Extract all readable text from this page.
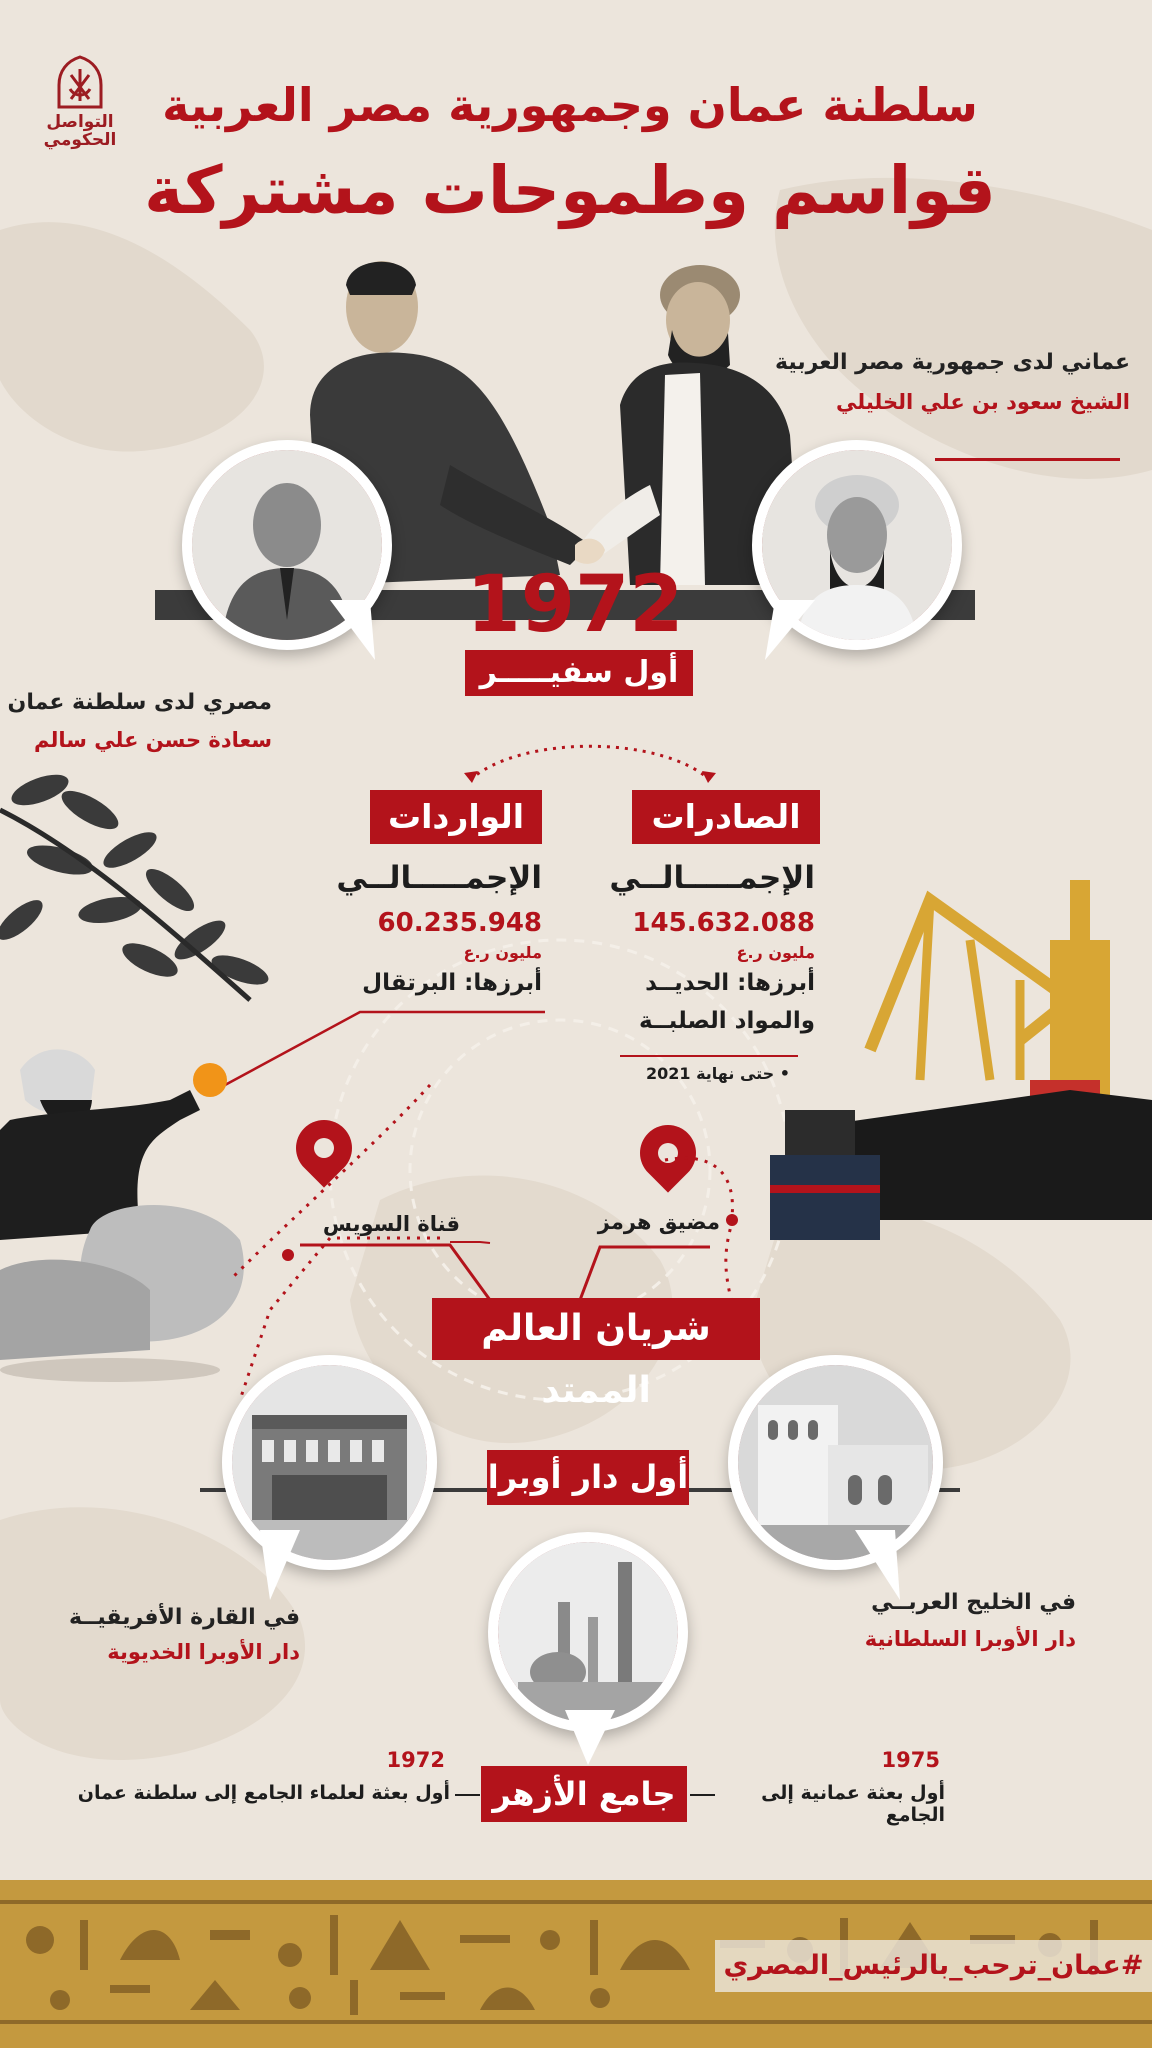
التواصل
الحكومي
سلطنة عمان وجمهورية مصر العربية
قواسم وطموحات مشتركة
1972
أول سفيـــــر
عماني لدى جمهورية مصر العربية
الشيخ سعود بن علي الخليلي
مصري لدى سلطنة عمان
سعادة حسن علي سالم
الصادرات
الإجمـــــالــي
145.632.088
مليون ر.ع
أبرزها: الحديــد
والمواد الصلبــة
• حتى نهاية 2021
الواردات
الإجمـــــالــي
60.235.948
مليون ر.ع
أبرزها: البرتقال
قناة السويس	مضيق هرمز
شريان العالم الممتد
أول دار أوبرا
في الخليج العربــي
دار الأوبرا السلطانية
في القارة الأفريقيــة
دار الأوبرا الخديوية
جامع الأزهر
1972
أول بعثة لعلماء الجامع إلى سلطنة عمان
1975
أول بعثة عمانية إلى الجامع
#عمان_ترحب_بالرئيس_المصري
